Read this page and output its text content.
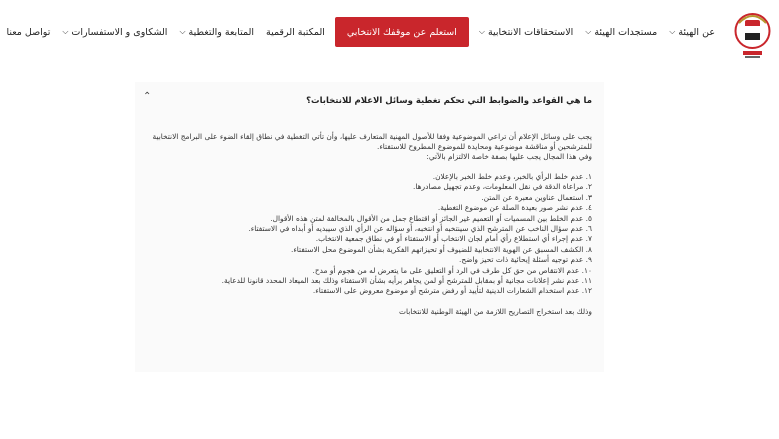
عن الهيئة
⌵
مستجدات الهيئة
⌵
الاستحقاقات الانتخابية
⌵
استعلم عن موقفك الانتخابي
المكتبة الرقمية
المتابعة والتغطية
⌵
الشكاوى و الاستفسارات
⌵
تواصل معنا
ما هي القواعد والضوابط التي تحكم تغطية وسائل الاعلام للانتخابات؟
⌃

يجب على وسائل الإعلام أن تراعي الموضوعية وفقا للأصول المهنية المتعارف عليها، وأن تأتي التغطية في نطاق إلقاء الضوء على البرامج الانتخابية للمترشحين أو مناقشة موضوعية ومحايدة للموضوع المطروح للاستفتاء.

وفي هذا المجال يجب عليها بصفة خاصة الالتزام بالآتي:

١. عدم خلط الرأي بالخبر، وعدم خلط الخبر بالإعلان.
٢. مراعاة الدقة في نقل المعلومات، وعدم تجهيل مصادرها.
٣. استعمال عناوين معبرة عن المتن.
٤. عدم نشر صور بعيدة الصلة عن موضوع التغطية.
٥. عدم الخلط بين المسميات أو التعميم غير الجائز أو اقتطاع جمل من الأقوال بالمخالفة لمتن هذه الأقوال.
٦. عدم سؤال الناخب عن المترشح الذي سينتخبه أو انتخبه، أو سؤاله عن الرأي الذي سيبديه أو أبداه في الاستفتاء.
٧. عدم إجراء أي استطلاع رأي أمام لجان الانتخاب أو الاستفتاء أو في نطاق جمعية الانتخاب.
٨. الكشف المسبق عن الهوية الانتخابية للضيوف أو تحيزاتهم الفكرية بشأن الموضوع محل الاستفتاء.
٩. عدم توجيه أسئلة إيحائية ذات تحيز واضح.
١٠. عدم الانتقاص من حق كل طرف في الرد أو التعليق على ما يتعرض له من هجوم أو مدح.
١١. عدم نشر إعلانات مجانية أو بمقابل للمترشح أو لمن يجاهر برأيه بشأن الاستفتاء وذلك بعد الميعاد المحدد قانونا للدعاية.
١٢. عدم استخدام الشعارات الدينية لتأييد أو رفض مترشح أو موضوع معروض على الاستفتاء.

وذلك بعد استخراج التصاريح اللازمة من الهيئة الوطنية للانتخابات
